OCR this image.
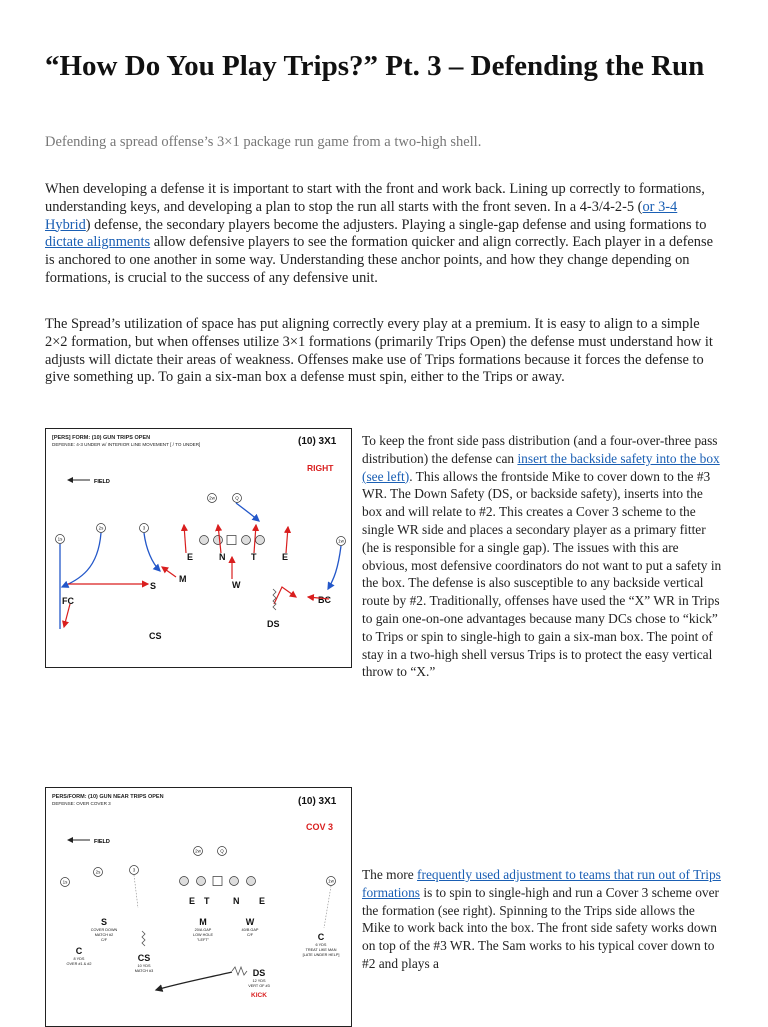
“How Do You Play Trips?” Pt. 3 – Defending the Run
Defending a spread offense’s 3×1 package run game from a two-high shell.

When developing a defense it is important to start with the front and work back. Lining up correctly to formations, understanding keys, and developing a plan to stop the run all starts with the front seven. In a 4-3/4-2-5 (or 3-4 Hybrid) defense, the secondary players become the adjusters. Playing a single-gap defense and using formations to dictate alignments allow defensive players to see the formation quicker and align correctly. Each player in a defense is anchored to one another in some way. Understanding these anchor points, and how they change depending on formations, is crucial to the success of any defensive unit.

The Spread’s utilization of space has put aligning correctly every play at a premium. It is easy to align to a simple 2×2 formation, but when offenses utilize 3×1 formations (primarily Trips Open) the defense must understand how it adjusts will dictate their areas of weakness. Offenses make use of Trips formations because it forces the defense to give something up. To gain a six-man box a defense must spin, either to the Trips or away.

[PERS] FORM: (10) GUN TRIPS OPEN
DEFENSE: 4-3 UNDER w/ INTERIOR LINE MOVEMENT [ / TO UNDER]	(10) 3X1
RIGHT
FIELD
1s
2s	3
2w	Q
1w
FC
S
M
W
E	N	T	E
DS
BC
CS

To keep the front side pass distribution (and a four-over-three pass distribution) the defense can insert the backside safety into the box (see left). This allows the frontside Mike to cover down to the #3 WR. The Down Safety (DS, or backside safety), inserts into the box and will relate to #2. This creates a Cover 3 scheme to the single WR side and places a secondary player as a primary fitter (he is responsible for a single gap). The issues with this are obvious, most defensive coordinators do not want to put a safety in the box. The defense is also susceptible to any backside vertical route by #2. Traditionally, offenses have used the “X” WR in Trips to gain one-on-one advantages because many DCs chose to “kick” to Trips or spin to single-high to gain a six-man box. The point of stay in a two-high shell versus Trips is to protect the easy vertical throw to “X.”

PERS/FORM: (10) GUN NEAR TRIPS OPEN
DEFENSE: OVER COVER 3	(10) 3X1
COV 3
FIELD
1s
2s	3
2w	Q
1w
E T	N E
S
COVER DOWN
MATCH #2
C/F
M
20/A GAP
LOW HOLE
"LEFT"
W
40/B GAP
C/F
C
8 YDS
OVER #1 & #2
CS
10 YDS
MATCH #3
C
6 YDS
TREAT LIKE MAN
[LATE UNDER HELP]
DS
12 YDS
VERT OF #3
KICK

The more frequently used adjustment to teams that run out of Trips formations is to spin to single-high and run a Cover 3 scheme over the formation (see right). Spinning to the Trips side allows the Mike to work back into the box. The front side safety works down on top of the #3 WR. The Sam works to his typical cover down to #2 and plays a
